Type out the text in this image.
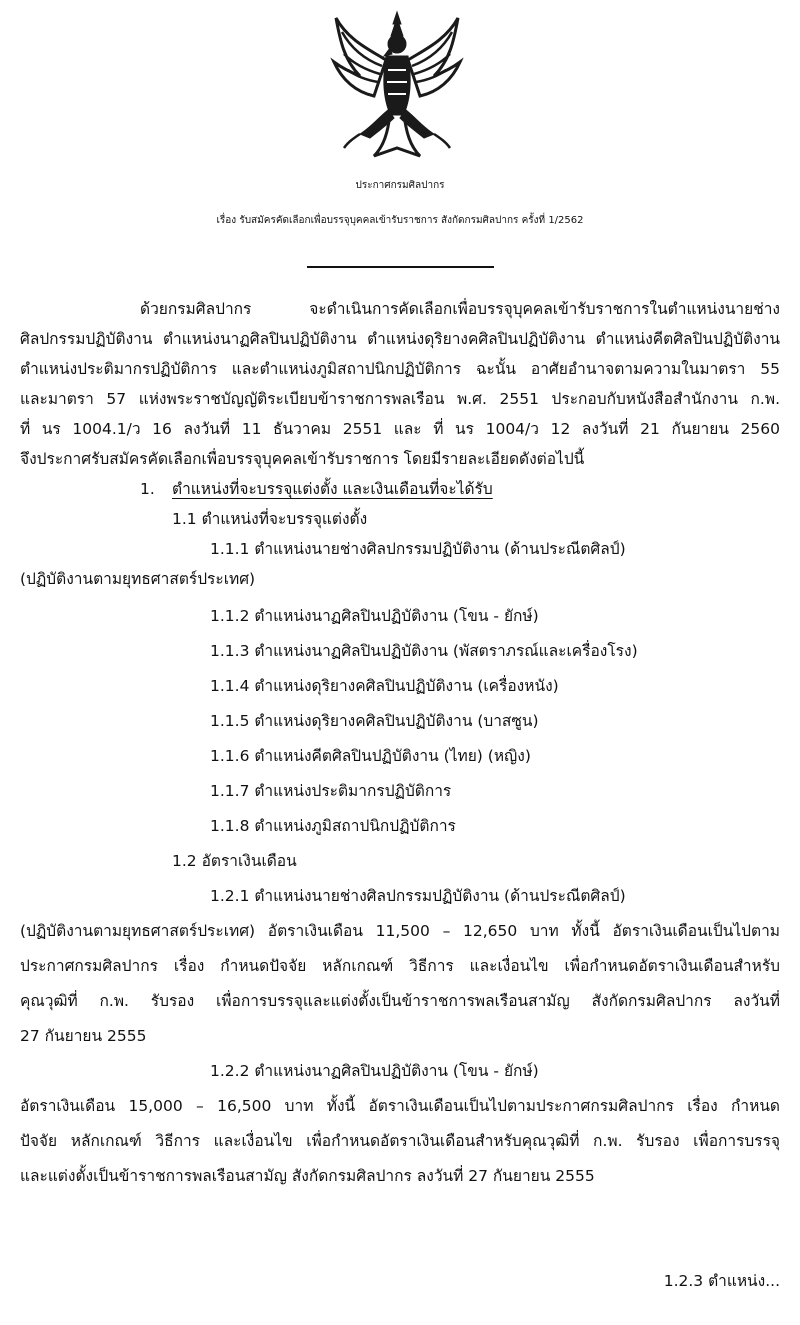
ประกาศกรมศิลปากร
เรื่อง รับสมัครคัดเลือกเพื่อบรรจุบุคคลเข้ารับราชการ สังกัดกรมศิลปากร ครั้งที่ 1/2562
ด้วยกรมศิลปากร จะดำเนินการคัดเลือกเพื่อบรรจุบุคคลเข้ารับราชการในตำแหน่งนายช่าง
ศิลปกรรมปฏิบัติงาน ตำแหน่งนาฏศิลปินปฏิบัติงาน ตำแหน่งดุริยางคศิลปินปฏิบัติงาน ตำแหน่งคีตศิลปินปฏิบัติงาน
ตำแหน่งประติมากรปฏิบัติการ และตำแหน่งภูมิสถาปนิกปฏิบัติการ ฉะนั้น อาศัยอำนาจตามความในมาตรา 55
และมาตรา 57 แห่งพระราชบัญญัติระเบียบข้าราชการพลเรือน พ.ศ. 2551 ประกอบกับหนังสือสำนักงาน ก.พ.
ที่ นร 1004.1/ว 16 ลงวันที่ 11 ธันวาคม 2551 และ ที่ นร 1004/ว 12 ลงวันที่ 21 กันยายน 2560
จึงประกาศรับสมัครคัดเลือกเพื่อบรรจุบุคคลเข้ารับราชการ โดยมีรายละเอียดดังต่อไปนี้
1. ตำแหน่งที่จะบรรจุแต่งตั้ง และเงินเดือนที่จะได้รับ
1.1 ตำแหน่งที่จะบรรจุแต่งตั้ง
1.1.1 ตำแหน่งนายช่างศิลปกรรมปฏิบัติงาน (ด้านประณีตศิลป์)
(ปฏิบัติงานตามยุทธศาสตร์ประเทศ)
1.1.2 ตำแหน่งนาฏศิลปินปฏิบัติงาน (โขน - ยักษ์)
1.1.3 ตำแหน่งนาฏศิลปินปฏิบัติงาน (พัสตราภรณ์และเครื่องโรง)
1.1.4 ตำแหน่งดุริยางคศิลปินปฏิบัติงาน (เครื่องหนัง)
1.1.5 ตำแหน่งดุริยางคศิลปินปฏิบัติงาน (บาสซูน)
1.1.6 ตำแหน่งคีตศิลปินปฏิบัติงาน (ไทย) (หญิง)
1.1.7 ตำแหน่งประติมากรปฏิบัติการ
1.1.8 ตำแหน่งภูมิสถาปนิกปฏิบัติการ
1.2 อัตราเงินเดือน
1.2.1 ตำแหน่งนายช่างศิลปกรรมปฏิบัติงาน (ด้านประณีตศิลป์)
(ปฏิบัติงานตามยุทธศาสตร์ประเทศ) อัตราเงินเดือน 11,500 – 12,650 บาท ทั้งนี้ อัตราเงินเดือนเป็นไปตาม
ประกาศกรมศิลปากร เรื่อง กำหนดปัจจัย หลักเกณฑ์ วิธีการ และเงื่อนไข เพื่อกำหนดอัตราเงินเดือนสำหรับ
คุณวุฒิที่ ก.พ. รับรอง เพื่อการบรรจุและแต่งตั้งเป็นข้าราชการพลเรือนสามัญ สังกัดกรมศิลปากร ลงวันที่
27 กันยายน 2555
1.2.2 ตำแหน่งนาฏศิลปินปฏิบัติงาน (โขน - ยักษ์)
อัตราเงินเดือน 15,000 – 16,500 บาท ทั้งนี้ อัตราเงินเดือนเป็นไปตามประกาศกรมศิลปากร เรื่อง กำหนด
ปัจจัย หลักเกณฑ์ วิธีการ และเงื่อนไข เพื่อกำหนดอัตราเงินเดือนสำหรับคุณวุฒิที่ ก.พ. รับรอง เพื่อการบรรจุ
และแต่งตั้งเป็นข้าราชการพลเรือนสามัญ สังกัดกรมศิลปากร ลงวันที่ 27 กันยายน 2555
1.2.3 ตำแหน่ง...
